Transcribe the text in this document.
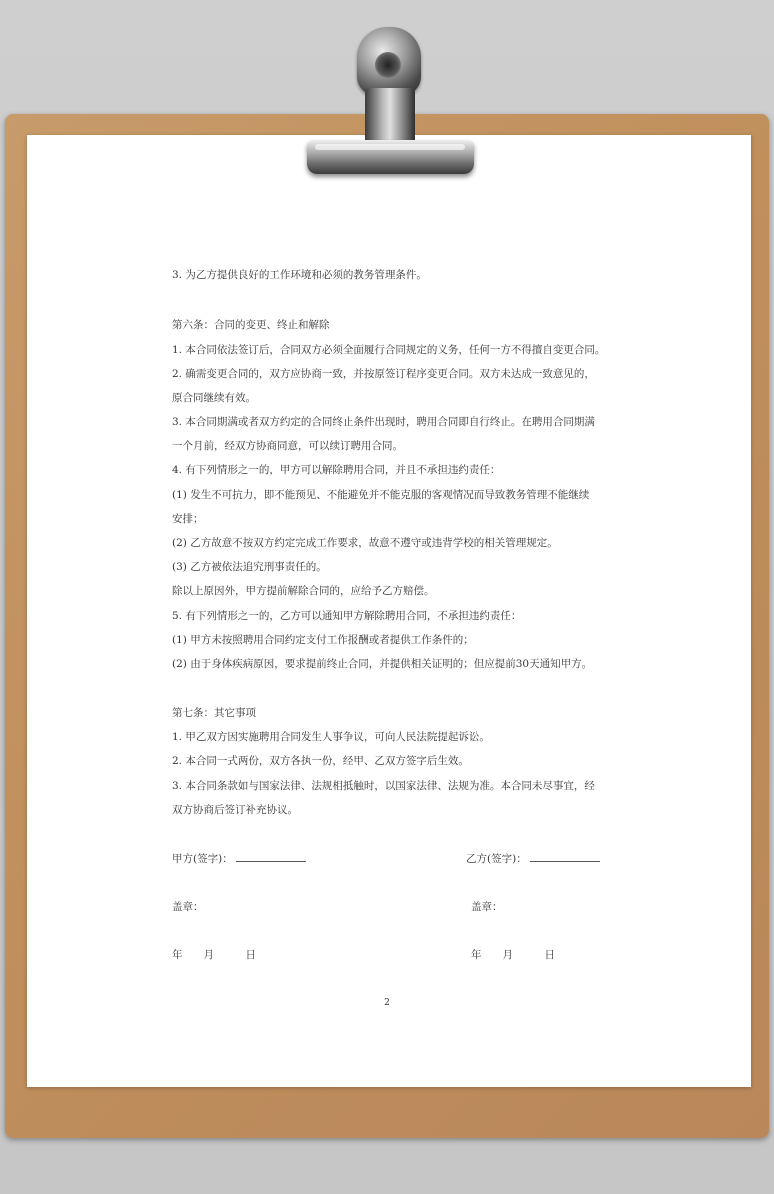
3. 为乙方提供良好的工作环境和必须的教务管理条件。
第六条：合同的变更、终止和解除
1. 本合同依法签订后，合同双方必须全面履行合同规定的义务，任何一方不得擅自变更合同。
2. 确需变更合同的，双方应协商一致，并按原签订程序变更合同。双方未达成一致意见的，
原合同继续有效。
3. 本合同期满或者双方约定的合同终止条件出现时，聘用合同即自行终止。在聘用合同期满
一个月前，经双方协商同意，可以续订聘用合同。
4. 有下列情形之一的，甲方可以解除聘用合同，并且不承担违约责任：
(1) 发生不可抗力，即不能预见、不能避免并不能克服的客观情况而导致教务管理不能继续
安排；
(2) 乙方故意不按双方约定完成工作要求，故意不遵守或违背学校的相关管理规定。
(3) 乙方被依法追究刑事责任的。
除以上原因外，甲方提前解除合同的，应给予乙方赔偿。
5. 有下列情形之一的，乙方可以通知甲方解除聘用合同，不承担违约责任：
(1) 甲方未按照聘用合同约定支付工作报酬或者提供工作条件的；
(2) 由于身体疾病原因，要求提前终止合同，并提供相关证明的；但应提前30天通知甲方。
第七条：其它事项
1. 甲乙双方因实施聘用合同发生人事争议，可向人民法院提起诉讼。
2. 本合同一式两份，双方各执一份，经甲、乙双方签字后生效。
3. 本合同条款如与国家法律、法规相抵触时，以国家法律、法规为准。本合同未尽事宜，经
双方协商后签订补充协议。
甲方(签字)：	乙方(签字)：
盖章：	盖章：
年　　月　　　日	年　　月　　　日
2
